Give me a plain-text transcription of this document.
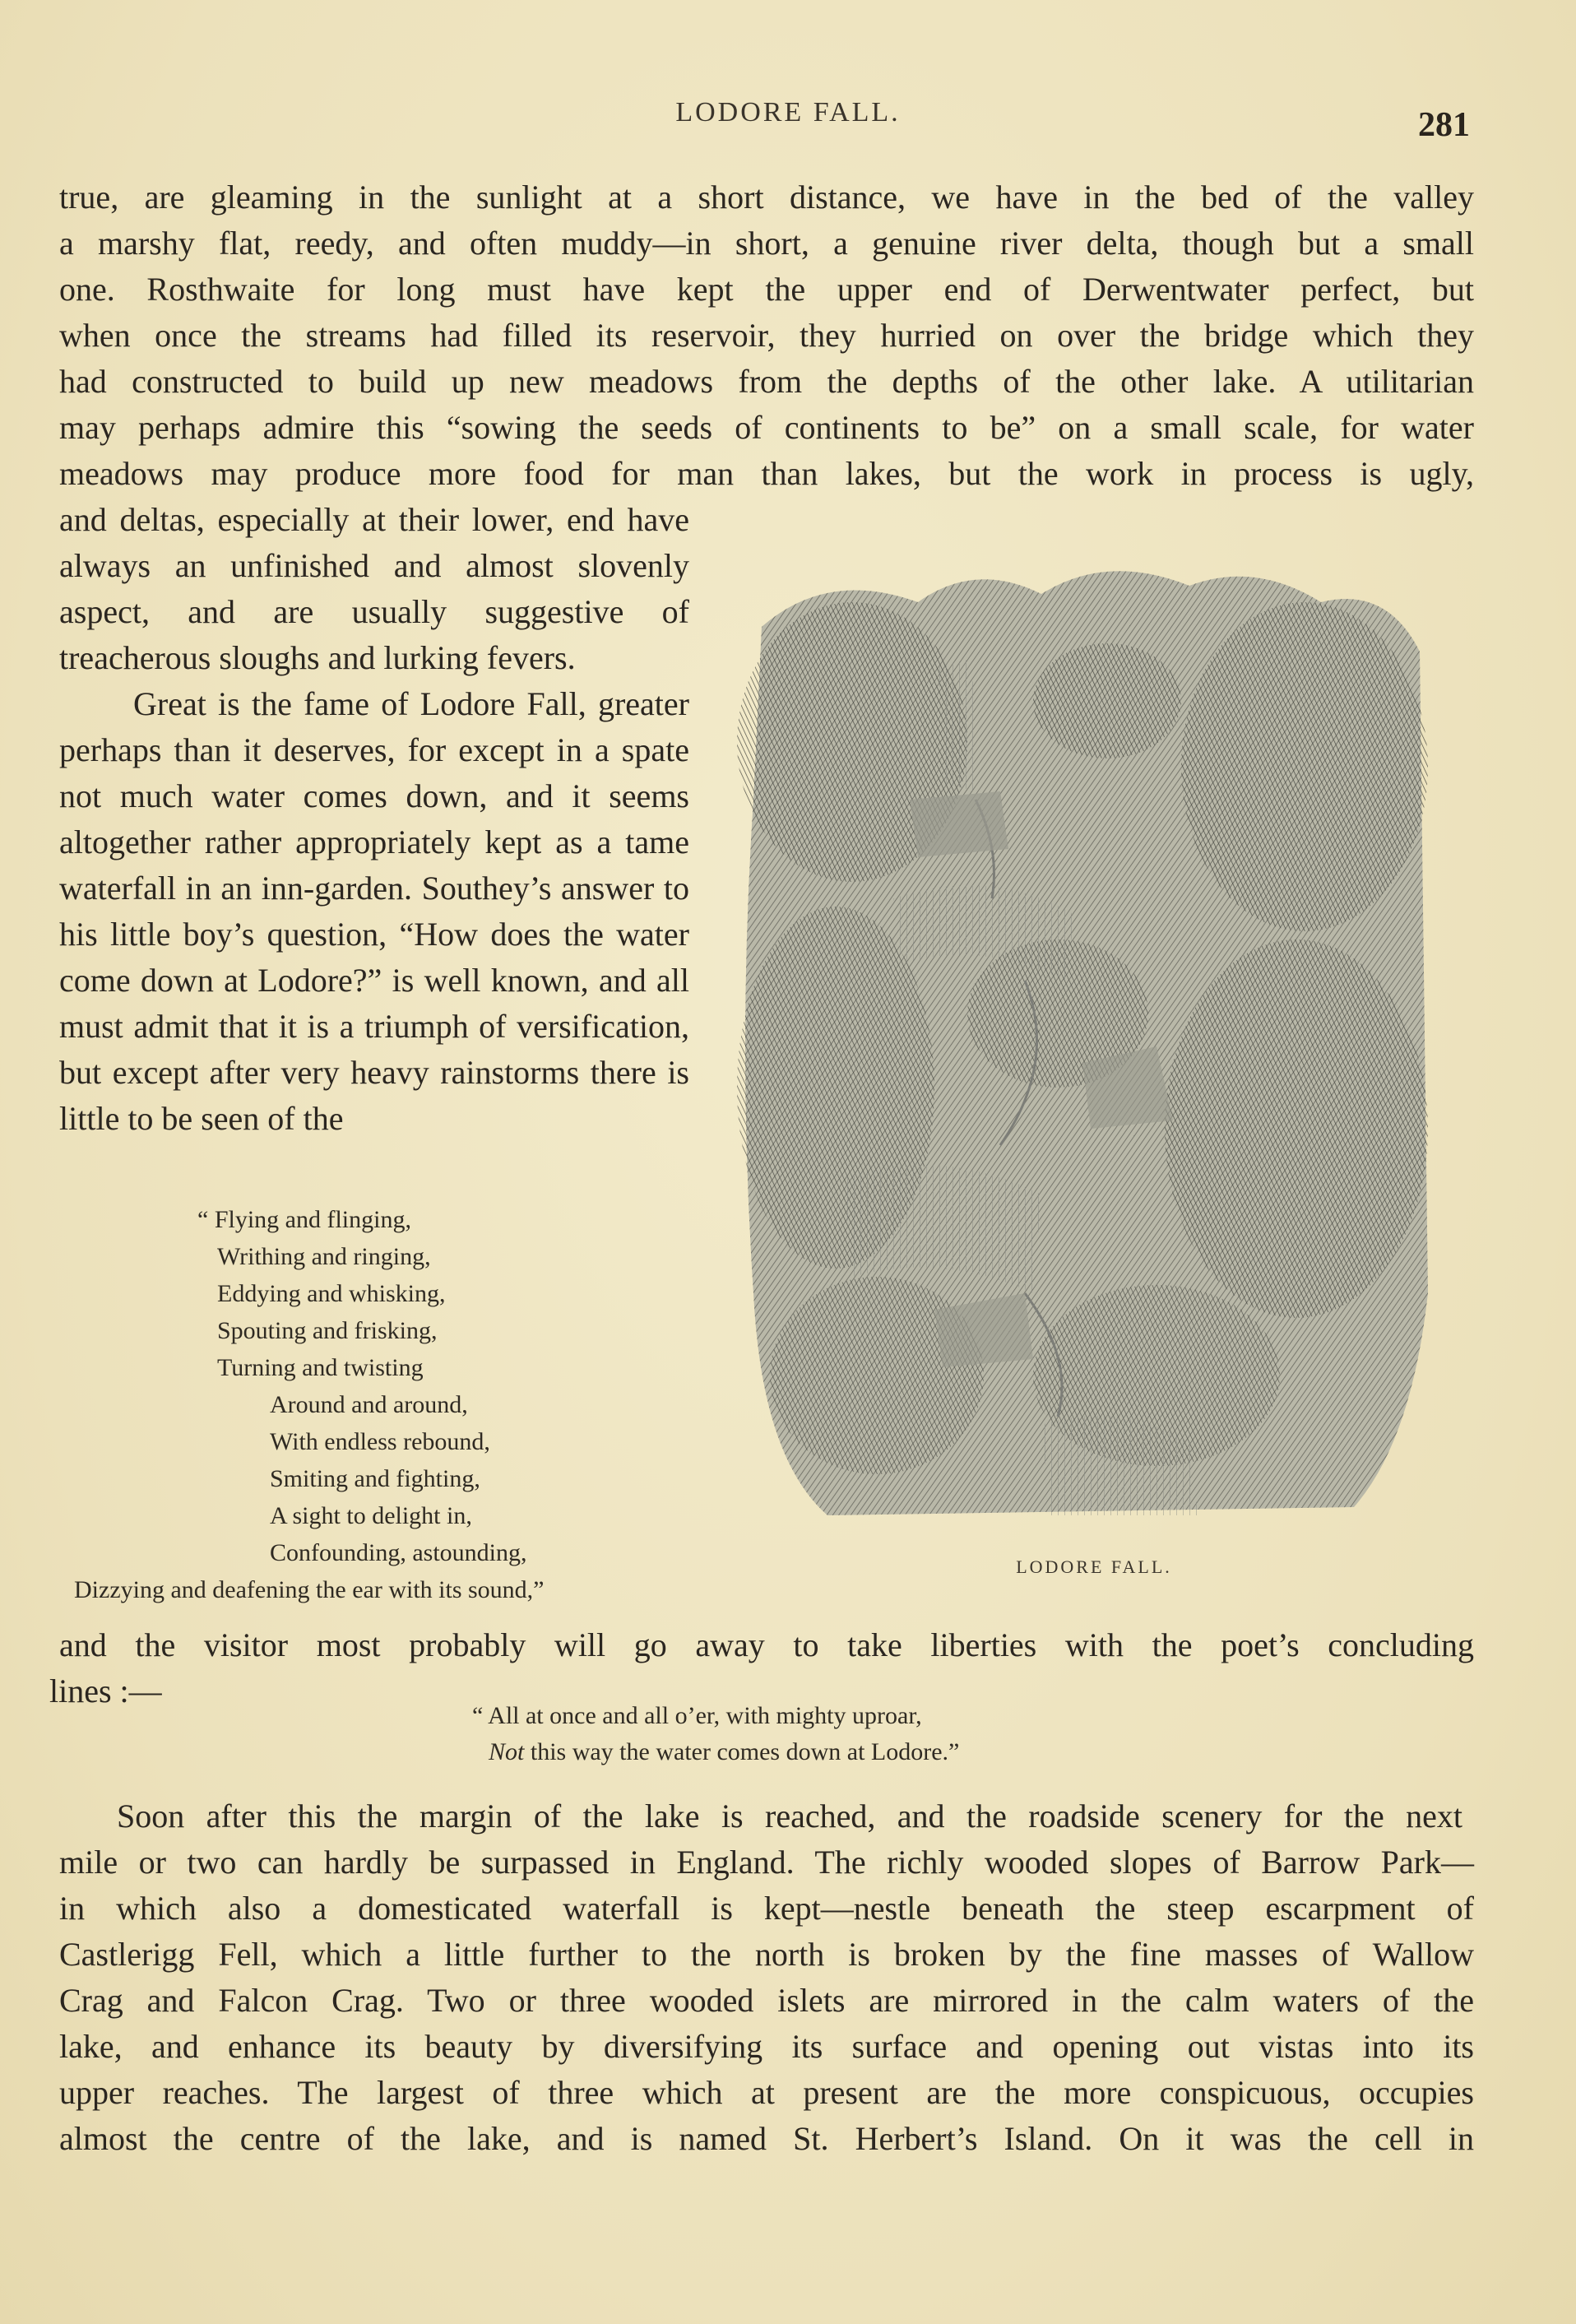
LODORE FALL.	281
true, are gleaming in the sunlight at a short distance, we have in the bed of the valley
a marshy flat, reedy, and often muddy—in short, a genuine river delta, though but a small
one. Rosthwaite for long must have kept the upper end of Derwentwater perfect, but
when once the streams had filled its reservoir, they hurried on over the bridge which they
had constructed to build up new meadows from the depths of the other lake. A utilitarian
may perhaps admire this “sowing the seeds of continents to be” on a small scale, for water
meadows may produce more food for man than lakes, but the work in process is ugly,

and deltas, especially at their lower, end have always an unfinished and almost slovenly aspect, and are usually suggestive of treacherous sloughs and lurking fevers.

Great is the fame of Lodore Fall, greater perhaps than it deserves, for except in a spate not much water comes down, and it seems altogether rather appropriately kept as a tame waterfall in an inn-garden. Southey’s answer to his little boy’s question, “How does the water come down at Lodore?” is well known, and all must admit that it is a triumph of versification, but except after very heavy rainstorms there is little to be seen of the

LODORE FALL.
“ Flying and flinging,
Writhing and ringing,
Eddying and whisking,
Spouting and frisking,
Turning and twisting
Around and around,
With endless rebound,
Smiting and fighting,
A sight to delight in,
Confounding, astounding,
Dizzying and deafening the ear with its sound,”
and the visitor most probably will go away to take liberties with the poet’s concluding
lines :—
“ All at once and all o’er, with mighty uproar,
Not this way the water comes down at Lodore.”
Soon after this the margin of the lake is reached, and the roadside scenery for the next
mile or two can hardly be surpassed in England. The richly wooded slopes of Barrow Park—
in which also a domesticated waterfall is kept—nestle beneath the steep escarpment of
Castlerigg Fell, which a little further to the north is broken by the fine masses of Wallow
Crag and Falcon Crag. Two or three wooded islets are mirrored in the calm waters of the
lake, and enhance its beauty by diversifying its surface and opening out vistas into its
upper reaches. The largest of three which at present are the more conspicuous, occupies
almost the centre of the lake, and is named St. Herbert’s Island. On it was the cell in
